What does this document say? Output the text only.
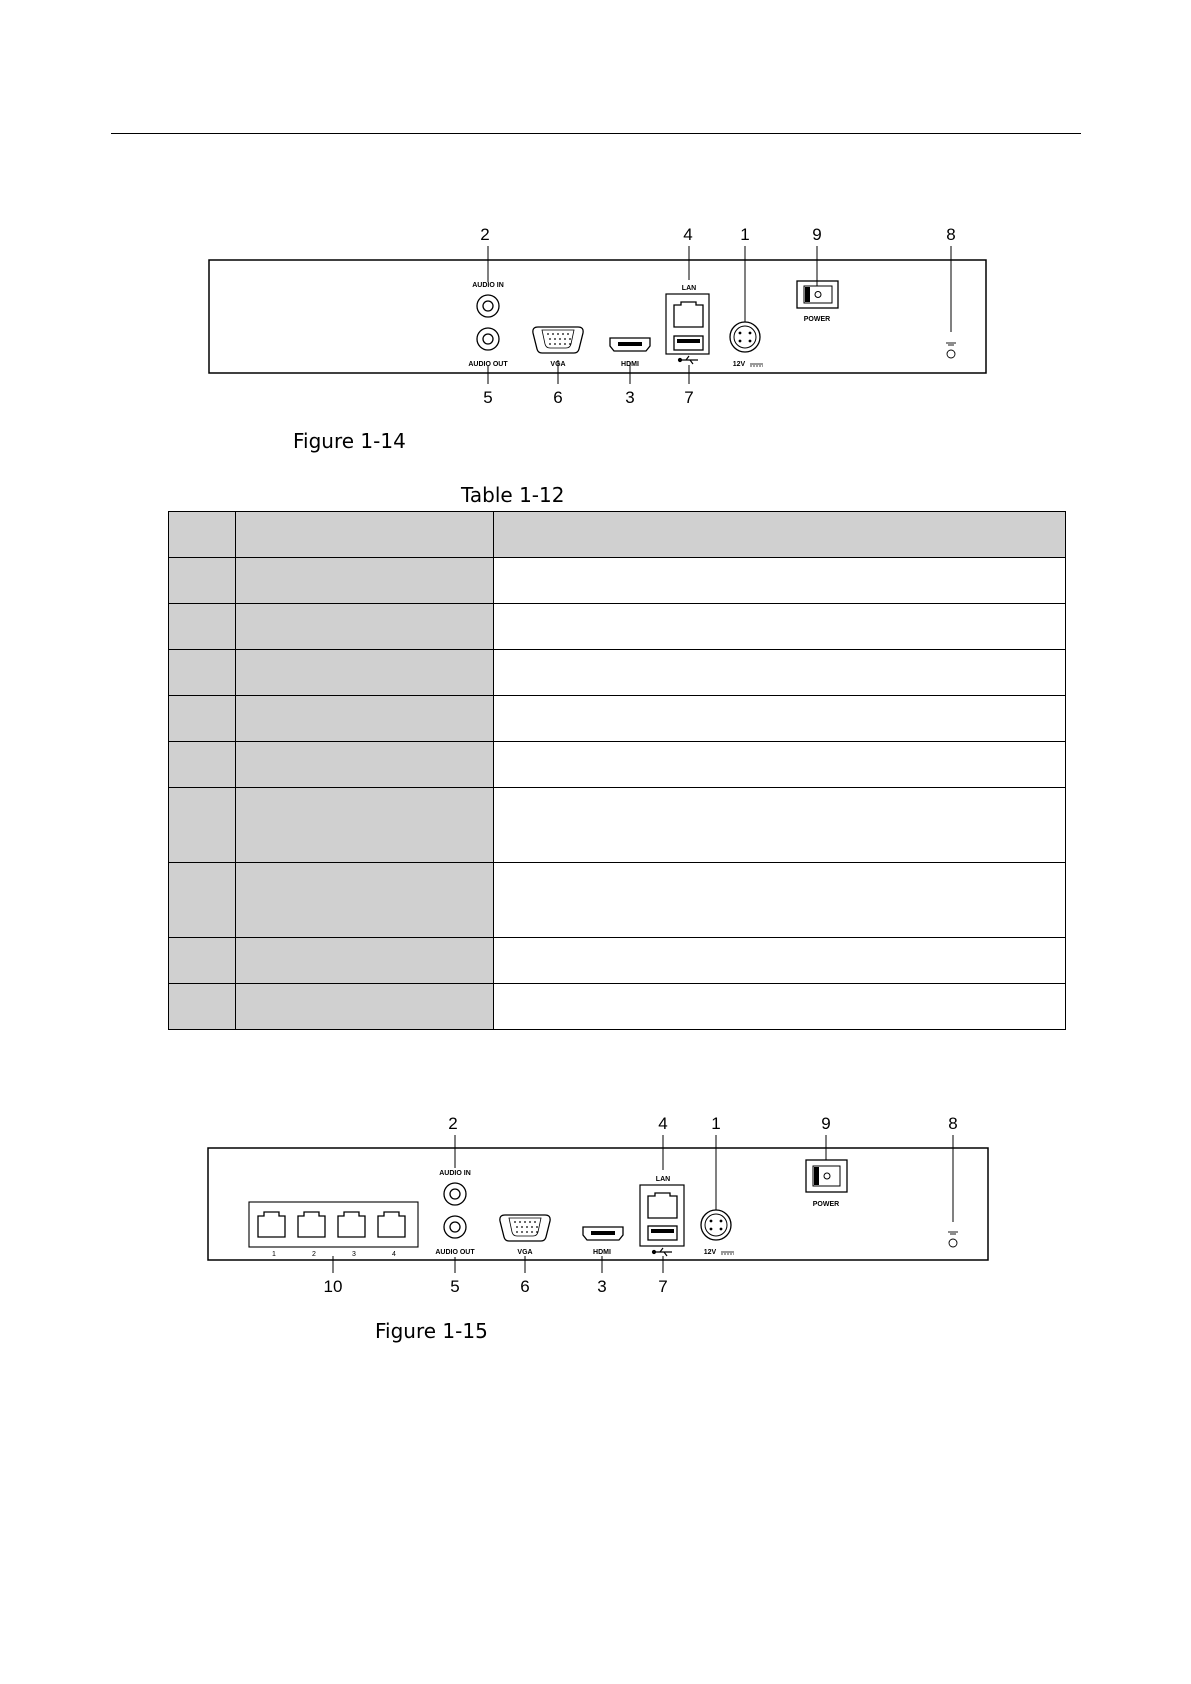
2	4	1	9	8
5	6	3	7
AUDIO IN
AUDIO OUT	VGA	HDMI
LAN
12V
POWER
Figure 1-14
Table 1-12

2	4	1	9	8
10	5	6	3	7
1	2	3	4
AUDIO IN
AUDIO OUT	VGA	HDMI
LAN
12V
POWER
Figure 1-15
